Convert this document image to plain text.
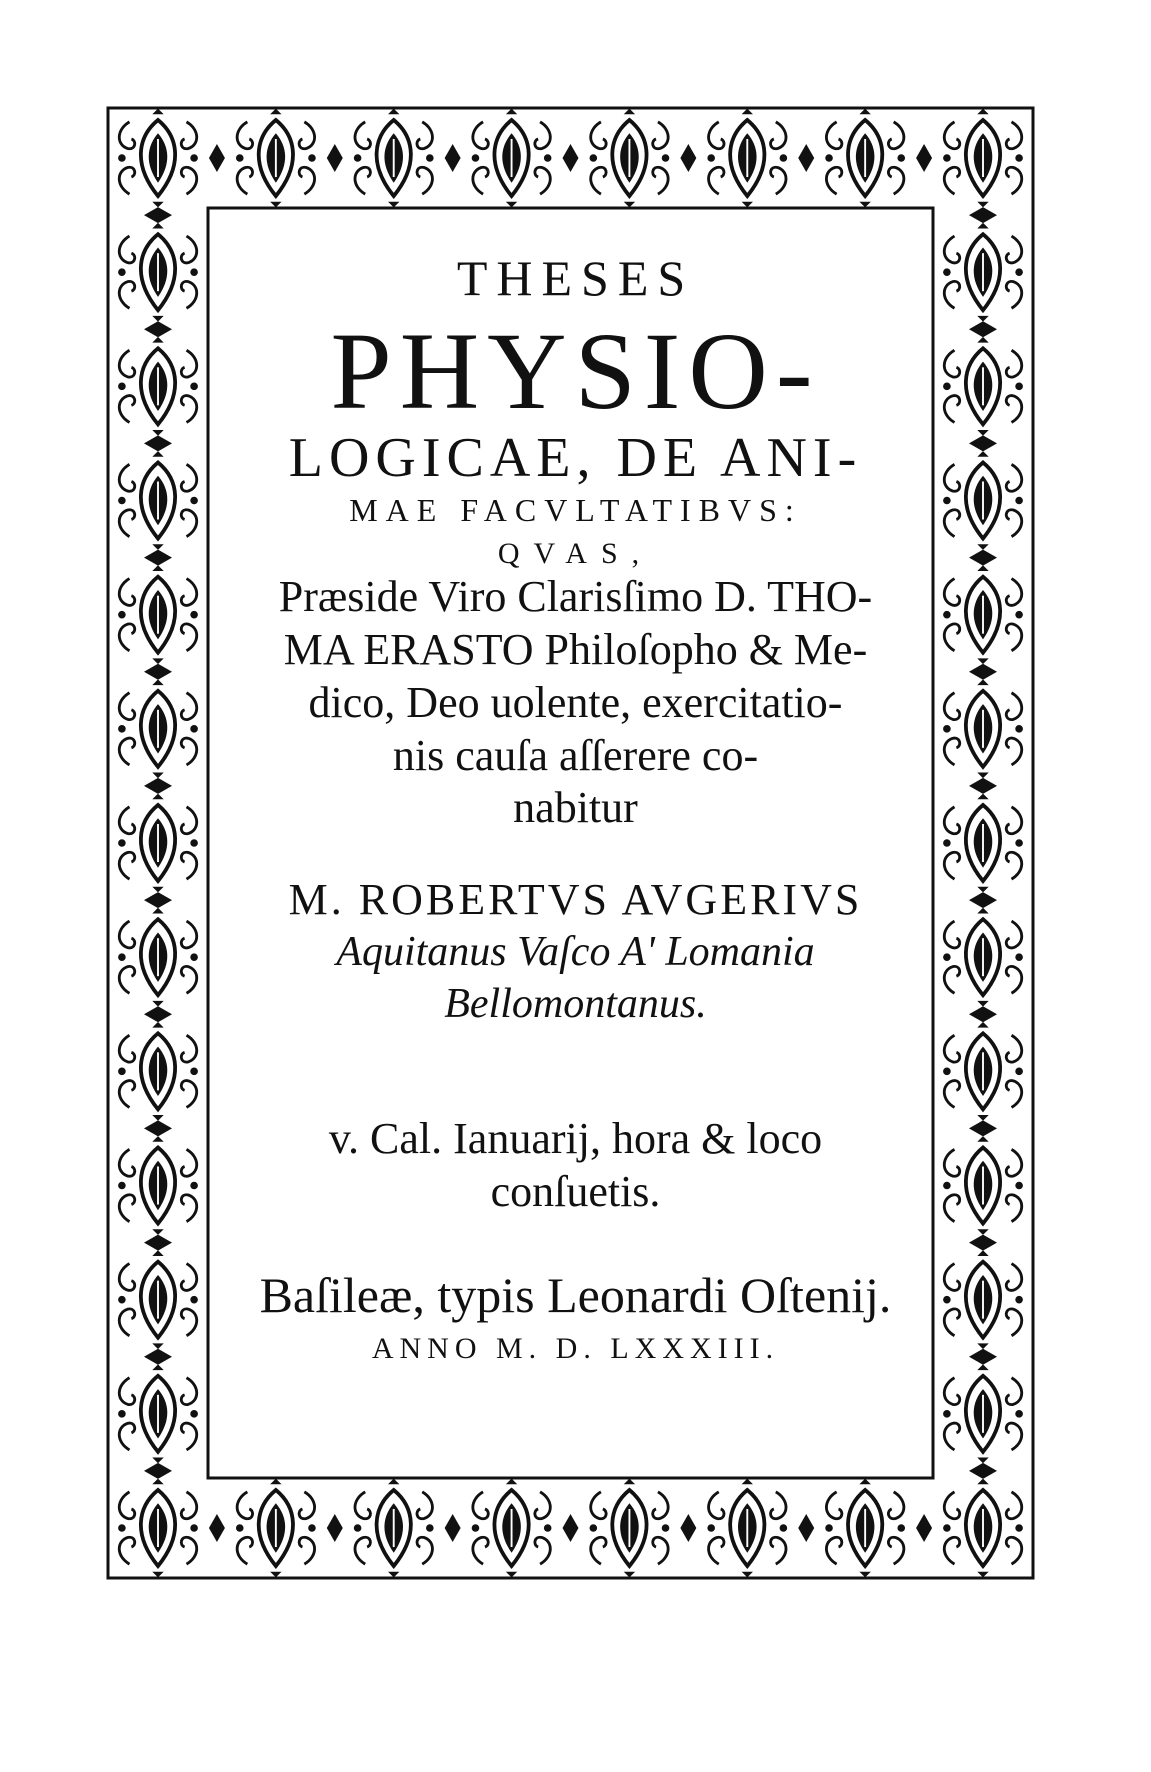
THESES
PHYSIO-
LOGICAE, DE ANI-
MAE FACVLTATIBVS:
QVAS,
Præside Viro Clarisſimo D. THO-
MA ERASTO Philoſopho & Me-
dico, Deo uolente, exercitatio-
nis cauſa aſſerere co-
nabitur
M. ROBERTVS AVGERIVS
Aquitanus Vaſco A' Lomania
Bellomontanus.
v. Cal. Ianuarij, hora & loco
conſuetis.
Baſileæ, typis Leonardi Oſtenij.
ANNO M. D. LXXXIII.
